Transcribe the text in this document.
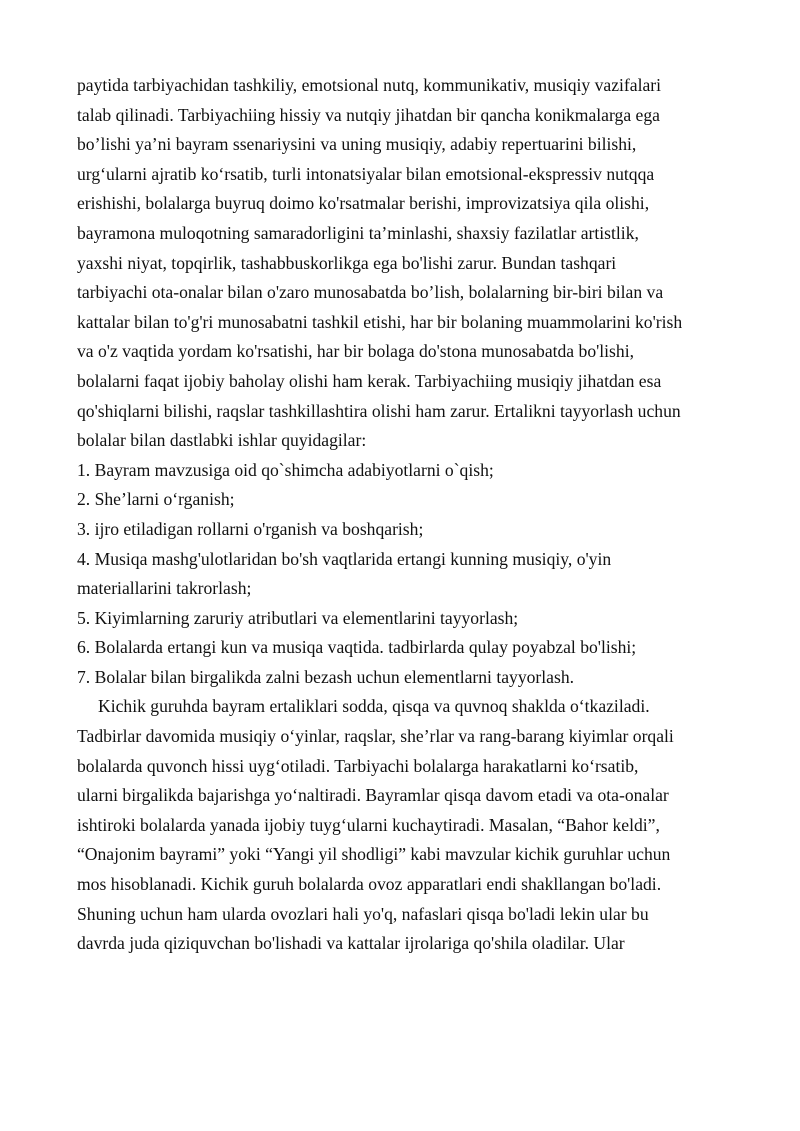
paytida tarbiyachidan tashkiliy, emotsional nutq, kommunikativ, musiqiy vazifalari

talab qilinadi. Tarbiyachiing hissiy va nutqiy jihatdan bir qancha konikmalarga ega

bo’lishi ya’ni bayram ssenariysini va uning musiqiy, adabiy repertuarini bilishi,

urg‘ularni ajratib ko‘rsatib, turli intonatsiyalar bilan emotsional-ekspressiv nutqqa

erishishi, bolalarga buyruq doimo ko'rsatmalar berishi, improvizatsiya qila olishi,

bayramona muloqotning samaradorligini ta’minlashi, shaxsiy fazilatlar artistlik,

yaxshi niyat, topqirlik, tashabbuskorlikga ega bo'lishi zarur. Bundan tashqari

tarbiyachi ota-onalar bilan o'zaro munosabatda bo’lish, bolalarning bir-biri bilan va

kattalar bilan to'g'ri munosabatni tashkil etishi, har bir bolaning muammolarini ko'rish

va o'z vaqtida yordam ko'rsatishi, har bir bolaga do'stona munosabatda bo'lishi,

bolalarni faqat ijobiy baholay olishi ham kerak. Tarbiyachiing musiqiy jihatdan esa

qo'shiqlarni bilishi, raqslar tashkillashtira olishi ham zarur. Ertalikni tayyorlash uchun

bolalar bilan dastlabki ishlar quyidagilar:

1. Bayram mavzusiga oid qo`shimcha adabiyotlarni o`qish;

2. She’larni o‘rganish;

3. ijro etiladigan rollarni o'rganish va boshqarish;

4. Musiqa mashg'ulotlaridan bo'sh vaqtlarida ertangi kunning musiqiy, o'yin

materiallarini takrorlash;

5. Kiyimlarning zaruriy atributlari va elementlarini tayyorlash;

6. Bolalarda ertangi kun va musiqa vaqtida. tadbirlarda qulay poyabzal bo'lishi;

7. Bolalar bilan birgalikda zalni bezash uchun elementlarni tayyorlash.

Kichik guruhda bayram ertaliklari sodda, qisqa va quvnoq shaklda o‘tkaziladi.

Tadbirlar davomida musiqiy o‘yinlar, raqslar, she’rlar va rang-barang kiyimlar orqali

bolalarda quvonch hissi uyg‘otiladi. Tarbiyachi bolalarga harakatlarni ko‘rsatib,

ularni birgalikda bajarishga yo‘naltiradi. Bayramlar qisqa davom etadi va ota-onalar

ishtiroki bolalarda yanada ijobiy tuyg‘ularni kuchaytiradi. Masalan, “Bahor keldi”,

“Onajonim bayrami” yoki “Yangi yil shodligi” kabi mavzular kichik guruhlar uchun

mos hisoblanadi. Kichik guruh bolalarda ovoz apparatlari endi shakllangan bo'ladi.

Shuning uchun ham ularda ovozlari hali yo'q, nafaslari qisqa bo'ladi lekin ular bu

davrda juda qiziquvchan bo'lishadi va kattalar ijrolariga qo'shila oladilar. Ular
